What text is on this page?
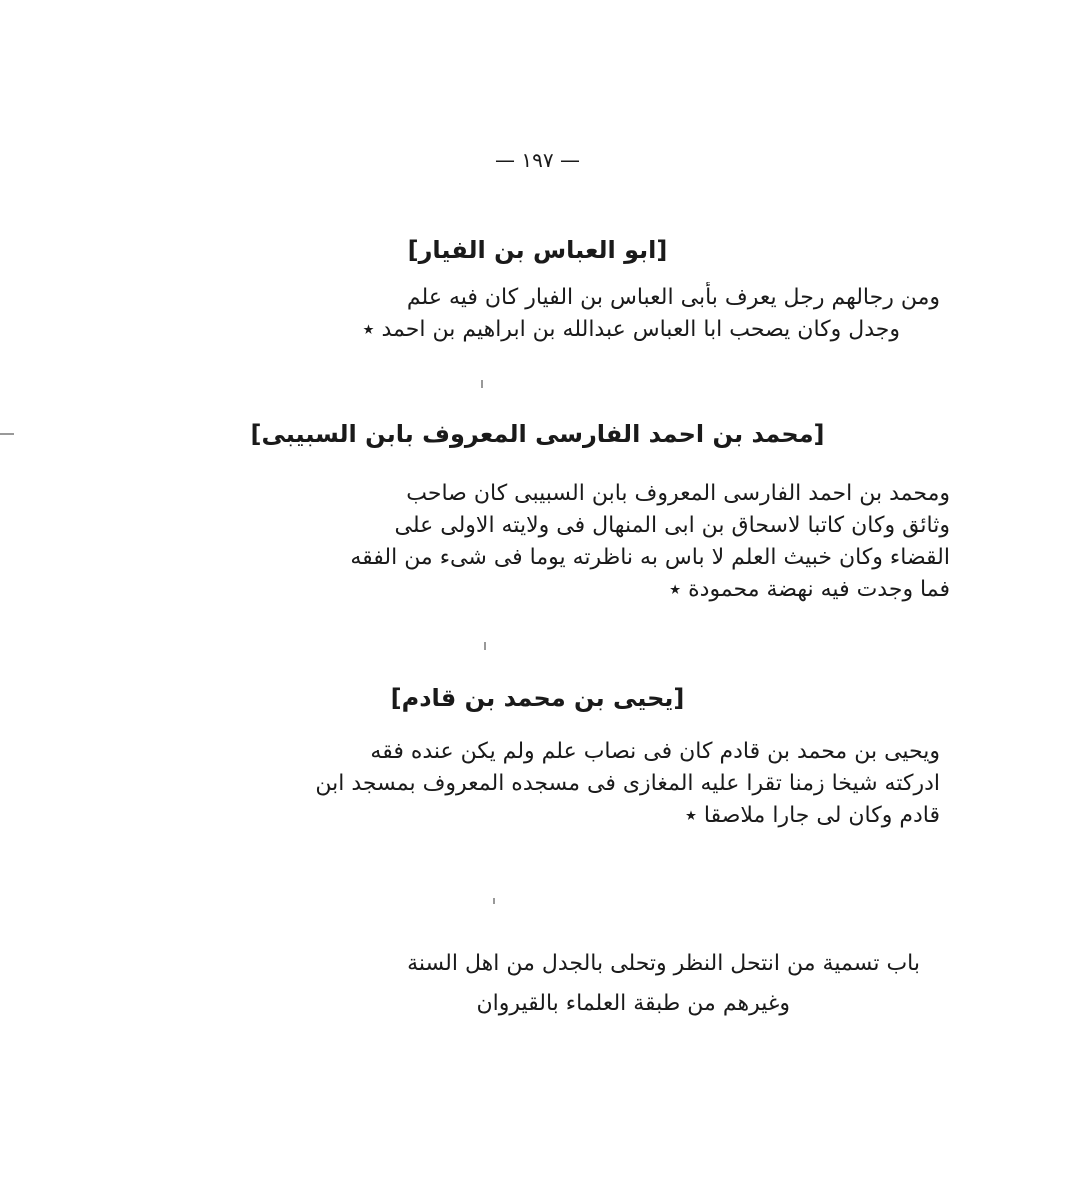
— ١٩٧ —
[ابو العباس بن الفيار]
ومن رجالهم رجل يعرف بأبى العباس بن الفيار كان فيه علم
وجدل وكان يصحب ابا العباس عبدالله بن ابراهيم بن احمد ٭
[محمد بن احمد الفارسى المعروف بابن السبيبى]
ومحمد بن احمد الفارسى المعروف بابن السبيبى كان صاحب
وثائق وكان كاتبا لاسحاق بن ابى المنهال فى ولايته الاولى على
القضاء وكان خبيث العلم لا باس به ناظرته يوما فى شىء من الفقه
فما وجدت فيه نهضة محمودة ٭
[يحيى بن محمد بن قادم]
ويحيى بن محمد بن قادم كان فى نصاب علم ولم يكن عنده فقه
ادركته شيخا زمنا تقرا عليه المغازى فى مسجده المعروف بمسجد ابن
قادم وكان لى جارا ملاصقا ٭
باب تسمية من انتحل النظر وتحلى بالجدل من اهل السنة
وغيرهم من طبقة العلماء بالقيروان
